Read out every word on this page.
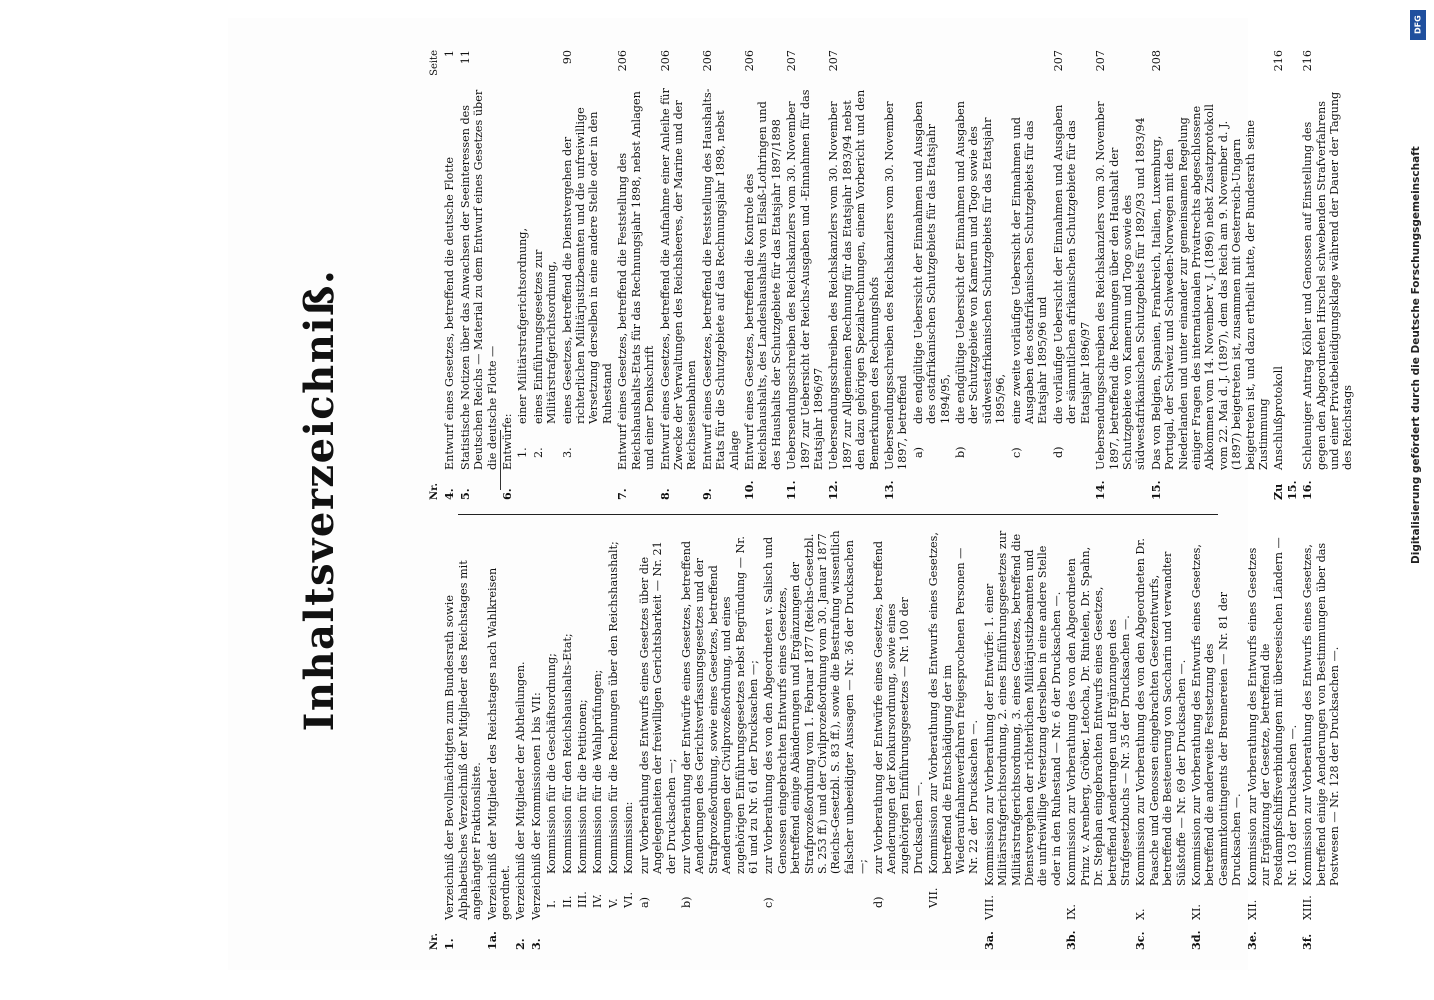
Inhaltsverzeichniß.
Nr. 1.
Verzeichniß der Bevollmächtigten zum Bundesrath sowie Alphabetisches Verzeichniß der Mitglieder des Reichstages mit angehängter Fraktionsliste.
1a.
Verzeichniß der Mitglieder des Reichstages nach Wahlkreisen geordnet.
2.
Verzeichniß der Mitglieder der Abtheilungen.
3.
Verzeichniß der Kommissionen I bis VII: I.
Kommission für die Geschäftsordnung;
II.
Kommission für den Reichshaushalts-Etat;
III.
Kommission für die Petitionen;
IV.
Kommission für die Wahlprüfungen;
V.
Kommission für die Rechnungen über den Reichshaushalt;
VI.
Kommission:
a)
zur Vorberathung des Entwurfs eines Gesetzes über die Angelegenheiten der freiwilligen Gerichtsbarkeit — Nr. 21 der Drucksachen —;
b)
zur Vorberathung der Entwürfe eines Gesetzes, betreffend Aenderungen des Gerichtsverfassungsgesetzes und der Strafprozeßordnung, sowie eines Gesetzes, betreffend Aenderungen der Civilprozeßordnung, und eines zugehörigen Einführungsgesetzes nebst Begründung — Nr. 61 und zu Nr. 61 der Drucksachen —;
c)
zur Vorberathung des von den Abgeordneten v. Salisch und Genossen eingebrachten Entwurfs eines Gesetzes, betreffend einige Abänderungen und Ergänzungen der Strafprozeßordnung vom 1. Februar 1877 (Reichs-Gesetzbl. S. 253 ff.) und der Civilprozeßordnung vom 30. Januar 1877 (Reichs-Gesetzbl. S. 83 ff.), sowie die Bestrafung wissentlich falscher unbeeidigter Aussagen — Nr. 36 der Drucksachen —;
d)
zur Vorberathung der Entwürfe eines Gesetzes, betreffend Aenderungen der Konkursordnung, sowie eines zugehörigen Einführungsgesetzes — Nr. 100 der Drucksachen —.
VII.
Kommission zur Vorberathung des Entwurfs eines Gesetzes, betreffend die Entschädigung der im Wiederaufnahmeverfahren freigesprochenen Personen — Nr. 22 der Drucksachen —.
3a.
VIII.
Kommission zur Vorberathung der Entwürfe: 1. einer Militärstrafgerichtsordnung, 2. eines Einführungsgesetzes zur Militärstrafgerichtsordnung, 3. eines Gesetzes, betreffend die Dienstvergehen der richterlichen Militärjustizbeamten und die unfreiwillige Versetzung derselben in eine andere Stelle oder in den Ruhestand — Nr. 6 der Drucksachen —.
3b.
IX.
Kommission zur Vorberathung des von den Abgeordneten Prinz v. Arenberg, Gröber, Letocha, Dr. Rintelen, Dr. Spahn, Dr. Stephan eingebrachten Entwurfs eines Gesetzes, betreffend Aenderungen und Ergänzungen des Strafgesetzbuchs — Nr. 35 der Drucksachen —.
3c.
X.
Kommission zur Vorberathung des von den Abgeordneten Dr. Paasche und Genossen eingebrachten Gesetzentwurfs, betreffend die Besteuerung von Saccharin und verwandter Süßstoffe — Nr. 69 der Drucksachen —.
3d.
XI.
Kommission zur Vorberathung des Entwurfs eines Gesetzes, betreffend die anderweite Festsetzung des Gesammtkontingents der Brennereien — Nr. 81 der Drucksachen —.
3e.
XII.
Kommission zur Vorberathung des Entwurfs eines Gesetzes zur Ergänzung der Gesetze, betreffend die Postdampfschiffsverbindungen mit überseeischen Ländern — Nr. 103 der Drucksachen —.
3f.
XIII.
Kommission zur Vorberathung des Entwurfs eines Gesetzes, betreffend einige Aenderungen von Bestimmungen über das Postwesen — Nr. 128 der Drucksachen —.
Nr.
Seite
4.
Entwurf eines Gesetzes, betreffend die deutsche Flotte
1
5.
Statistische Notizen über das Anwachsen der Seeinteressen des Deutschen Reichs — Material zu dem Entwurf eines Gesetzes über die deutsche Flotte —
11
6.
Entwürfe: 1.
einer Militärstrafgerichtsordnung,
2.
eines Einführungsgesetzes zur Militärstrafgerichtsordnung,
3.
eines Gesetzes, betreffend die Dienstvergehen der richterlichen Militärjustizbeamten und die unfreiwillige Versetzung derselben in eine andere Stelle oder in den Ruhestand
90
7.
Entwurf eines Gesetzes, betreffend die Feststellung des Reichshaushalts-Etats für das Rechnungsjahr 1898, nebst Anlagen und einer Denkschrift
206
8.
Entwurf eines Gesetzes, betreffend die Aufnahme einer Anleihe für Zwecke der Verwaltungen des Reichsheeres, der Marine und der Reichseisenbahnen
206
9.
Entwurf eines Gesetzes, betreffend die Feststellung des Haushalts-Etats für die Schutzgebiete auf das Rechnungsjahr 1898, nebst Anlage
206
10.
Entwurf eines Gesetzes, betreffend die Kontrole des Reichshaushalts, des Landeshaushalts von Elsaß-Lothringen und des Haushalts der Schutzgebiete für das Etatsjahr 1897/1898
206
11.
Uebersendungsschreiben des Reichskanzlers vom 30. November 1897 zur Uebersicht der Reichs-Ausgaben und -Einnahmen für das Etatsjahr 1896/97
207
12.
Uebersendungsschreiben des Reichskanzlers vom 30. November 1897 zur Allgemeinen Rechnung für das Etatsjahr 1893/94 nebst den dazu gehörigen Spezialrechnungen, einem Vorbericht und den Bemerkungen des Rechnungshofs
207
13.
Uebersendungsschreiben des Reichskanzlers vom 30. November 1897, betreffend a)
die endgültige Uebersicht der Einnahmen und Ausgaben des ostafrikanischen Schutzgebiets für das Etatsjahr 1894/95,
b)
die endgültige Uebersicht der Einnahmen und Ausgaben der Schutzgebiete von Kamerun und Togo sowie des südwestafrikanischen Schutzgebiets für das Etatsjahr 1895/96,
c)
eine zweite vorläufige Uebersicht der Einnahmen und Ausgaben des ostafrikanischen Schutzgebiets für das Etatsjahr 1895/96 und
d)
die vorläufige Uebersicht der Einnahmen und Ausgaben der sämmtlichen afrikanischen Schutzgebiete für das Etatsjahr 1896/97
207
14.
Uebersendungsschreiben des Reichskanzlers vom 30. November 1897, betreffend die Rechnungen über den Haushalt der Schutzgebiete von Kamerun und Togo sowie des südwestafrikanischen Schutzgebiets für 1892/93 und 1893/94
207
15.
Das von Belgien, Spanien, Frankreich, Italien, Luxemburg, Portugal, der Schweiz und Schweden-Norwegen mit den Niederlanden und unter einander zur gemeinsamen Regelung einiger Fragen des internationalen Privatrechts abgeschlossene Abkommen vom 14. November v. J. (1896) nebst Zusatzprotokoll vom 22. Mai d. J. (1897), dem das Reich am 9. November d. J. (1897) beigetreten ist, zusammen mit Oesterreich-Ungarn beigetreten ist, und dazu ertheilt hatte, der Bundesrath seine Zustimmung
208
Zu 15.
Anschlußprotokoll
216
16.
Schleuniger Antrag Köhler und Genossen auf Einstellung des gegen den Abgeordneten Hirschel schwebenden Strafverfahrens und einer Privatbeleidigungsklage während der Dauer der Tagung des Reichstags
216
DFG
Digitalisierung gefördert durch die Deutsche Forschungsgemeinschaft
